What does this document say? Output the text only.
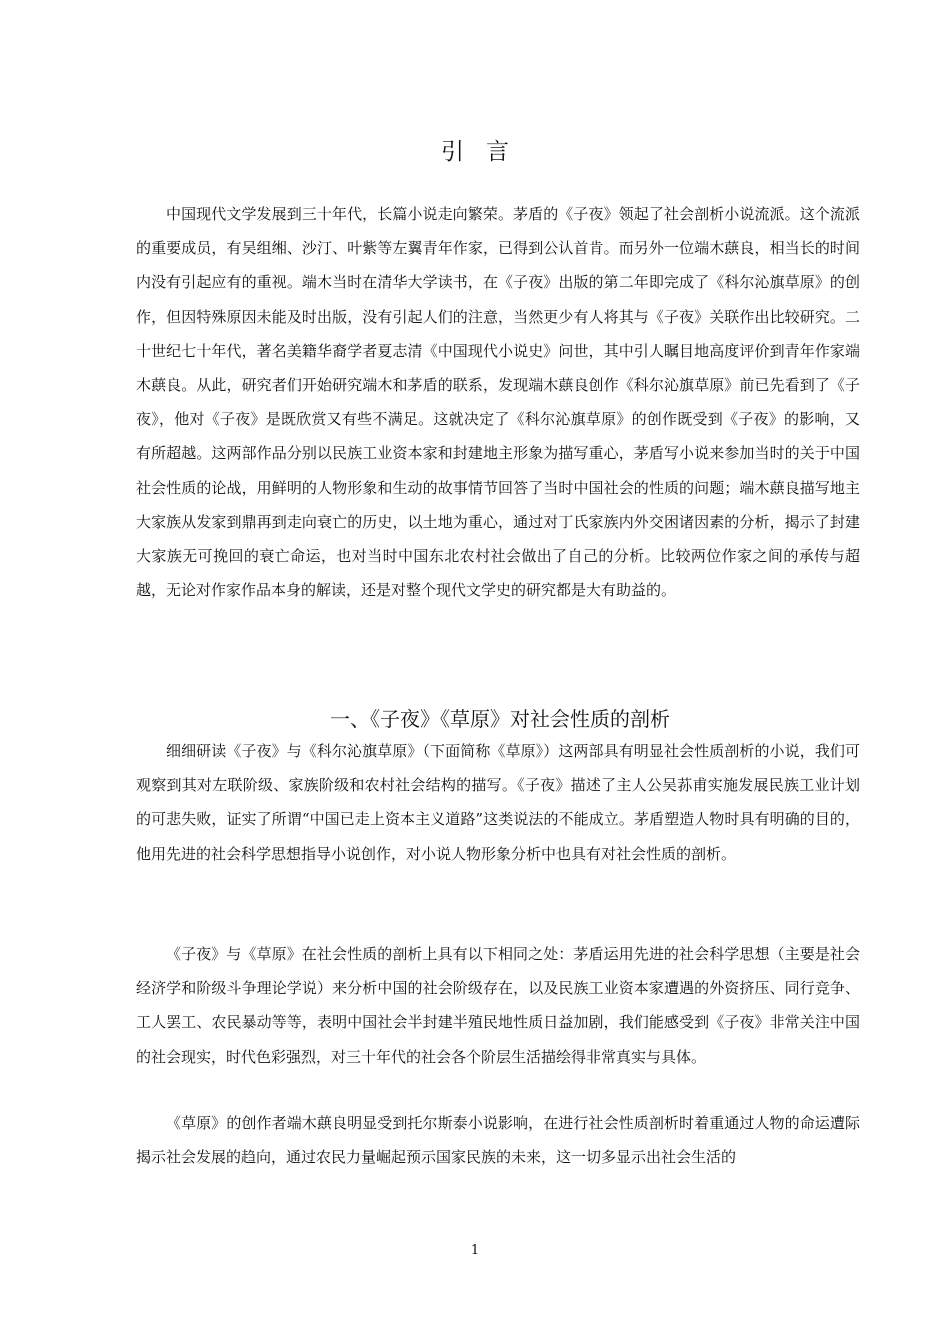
引言

中国现代文学发展到三十年代，长篇小说走向繁荣。茅盾的《子夜》领起了社会剖析小说流派。这个流派的重要成员，有吴组缃、沙汀、叶紫等左翼青年作家，已得到公认首肯。而另外一位端木蕻良，相当长的时间内没有引起应有的重视。端木当时在清华大学读书，在《子夜》出版的第二年即完成了《科尔沁旗草原》的创作，但因特殊原因未能及时出版，没有引起人们的注意，当然更少有人将其与《子夜》关联作出比较研究。二十世纪七十年代，著名美籍华裔学者夏志清《中国现代小说史》问世，其中引人瞩目地高度评价到青年作家端木蕻良。从此，研究者们开始研究端木和茅盾的联系，发现端木蕻良创作《科尔沁旗草原》前已先看到了《子夜》，他对《子夜》是既欣赏又有些不满足。这就决定了《科尔沁旗草原》的创作既受到《子夜》的影响，又有所超越。这两部作品分别以民族工业资本家和封建地主形象为描写重心，茅盾写小说来参加当时的关于中国社会性质的论战，用鲜明的人物形象和生动的故事情节回答了当时中国社会的性质的问题；端木蕻良描写地主大家族从发家到鼎再到走向衰亡的历史，以土地为重心，通过对丁氏家族内外交困诸因素的分析，揭示了封建大家族无可挽回的衰亡命运，也对当时中国东北农村社会做出了自己的分析。比较两位作家之间的承传与超越，无论对作家作品本身的解读，还是对整个现代文学史的研究都是大有助益的。

一、《子夜》《草原》对社会性质的剖析

细细研读《子夜》与《科尔沁旗草原》（下面简称《草原》）这两部具有明显社会性质剖析的小说，我们可观察到其对左联阶级、家族阶级和农村社会结构的描写。《子夜》描述了主人公吴荪甫实施发展民族工业计划的可悲失败，证实了所谓“中国已走上资本主义道路”这类说法的不能成立。茅盾塑造人物时具有明确的目的，他用先进的社会科学思想指导小说创作，对小说人物形象分析中也具有对社会性质的剖析。

《子夜》与《草原》在社会性质的剖析上具有以下相同之处：茅盾运用先进的社会科学思想（主要是社会经济学和阶级斗争理论学说）来分析中国的社会阶级存在，以及民族工业资本家遭遇的外资挤压、同行竞争、工人罢工、农民暴动等等，表明中国社会半封建半殖民地性质日益加剧，我们能感受到《子夜》非常关注中国的社会现实，时代色彩强烈，对三十年代的社会各个阶层生活描绘得非常真实与具体。

《草原》的创作者端木蕻良明显受到托尔斯泰小说影响，在进行社会性质剖析时着重通过人物的命运遭际揭示社会发展的趋向，通过农民力量崛起预示国家民族的未来，这一切多显示出社会生活的

1
